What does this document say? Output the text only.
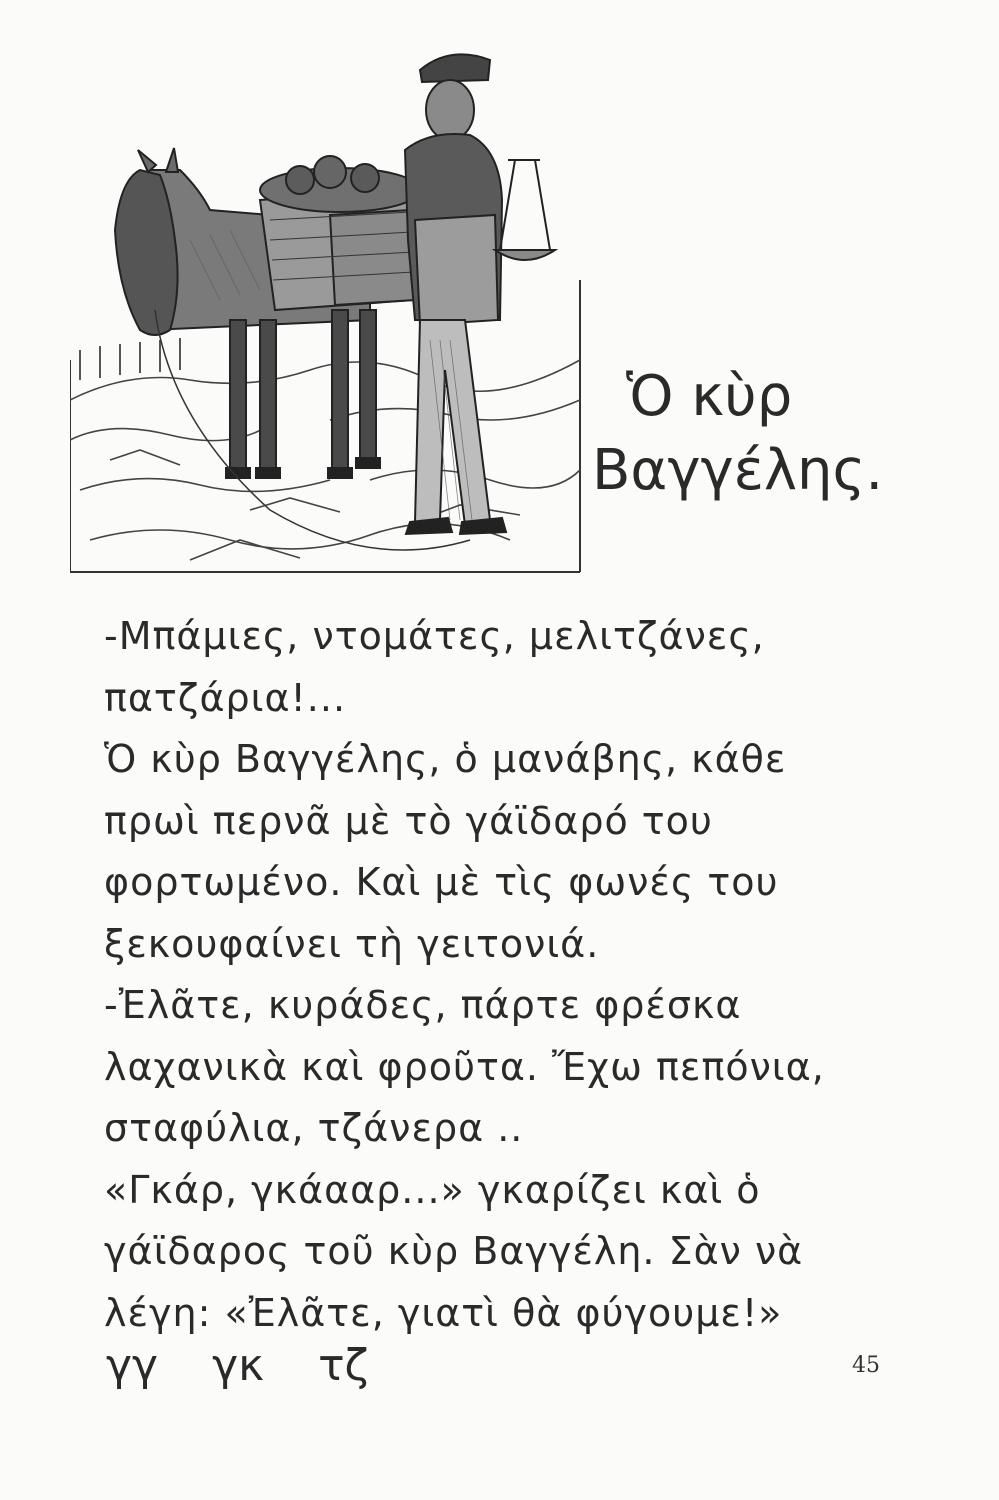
Ὁ κὺρ
Βαγγέλης.
-Μπάμιες, ντομάτες, μελιτζάνες,
πατζάρια!...
Ὁ κὺρ Βαγγέλης, ὁ μανάβης, κάθε
πρωὶ περνᾶ μὲ τὸ γάϊδαρό του
φορτωμένο. Καὶ μὲ τὶς φωνές του
ξεκουφαίνει τὴ γειτονιά.
-Ἐλᾶτε, κυράδες, πάρτε φρέσκα
λαχανικὰ καὶ φροῦτα. Ἔχω πεπόνια,
σταφύλια, τζάνερα ..
«Γκάρ, γκάααρ...» γκαρίζει καὶ ὁ
γάϊδαρος τοῦ κὺρ Βαγγέλη. Σὰν νὰ
λέγη: «Ἐλᾶτε, γιατὶ θὰ φύγουμε!»
γγ γκ τζ	45
